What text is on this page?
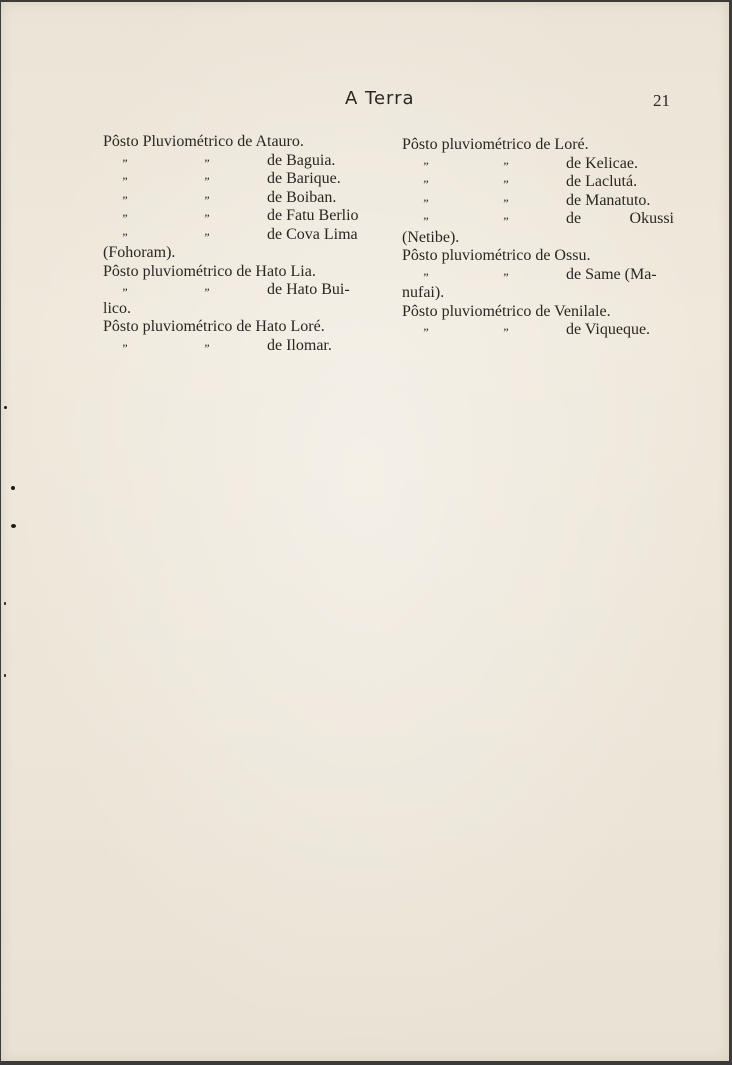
A Terra	21
Pôsto Pluviométrico de Atauro.
”	”	de Baguia.
”	”	de Barique.
”	”	de Boiban.
”	”	de Fatu Berlio
”	”	de Cova Lima
(Fohoram).
Pôsto pluviométrico de Hato Lia.
”	”	de Hato Bui-
lico.
Pôsto pluviométrico de Hato Loré.
”	”	de Ilomar.
Pôsto pluviométrico de Loré.
”	”	de Kelicae.
”	”	de Laclutá.
”	”	de Manatuto.
”	”	de	Okussi
(Netibe).
Pôsto pluviométrico de Ossu.
”	”	de Same (Ma-
nufai).
Pôsto pluviométrico de Venilale.
”	”	de Viqueque.
